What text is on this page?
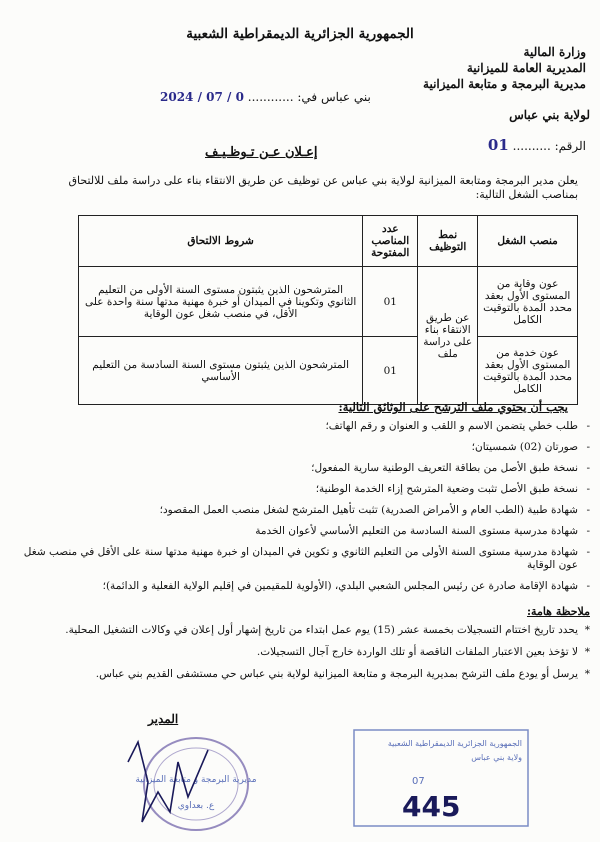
الجمهورية الجزائرية الديمقراطية الشعبية
وزارة المالية
المديرية العامة للميزانية
مديرية البرمجة و متابعة الميزانية
لولاية بني عباس
بني عباس في: ............ 2024 / 07 / 0
الرقم: .......... 01
إعـلان عـن تـوظـيـف
يعلن مدير البرمجة ومتابعة الميزانية لولاية بني عباس عن توظيف عن طريق الانتقاء بناء على دراسة ملف للالتحاق بمناصب الشغل التالية:
منصب الشغل	نمط التوظيف	عدد المناصب المفتوحة	شروط الالتحاق
عون وقاية من المستوى الأول بعقد محدد المدة بالتوقيت الكامل	عن طريق الانتقاء بناء على دراسة ملف	01	المترشحون الذين يثبتون مستوى السنة الأولى من التعليم الثانوي وتكوينا في الميدان أو خبرة مهنية مدتها سنة واحدة على الأقل، في منصب شغل عون الوقاية
عون خدمة من المستوى الأول بعقد محدد المدة بالتوقيت الكامل		01	المترشحون الذين يثبتون مستوى السنة السادسة من التعليم الأساسي
يجب أن يحتوي ملف الترشح على الوثائق التالية:
- طلب خطي يتضمن الاسم و اللقب و العنوان و رقم الهاتف؛
- صورتان (02) شمسيتان؛
- نسخة طبق الأصل من بطاقة التعريف الوطنية سارية المفعول؛
- نسخة طبق الأصل تثبت وضعية المترشح إزاء الخدمة الوطنية؛
- شهادة طبية (الطب العام و الأمراض الصدرية) تثبت تأهيل المترشح لشغل منصب العمل المقصود؛
- شهادة مدرسية مستوى السنة السادسة من التعليم الأساسي لأعوان الخدمة
- شهادة مدرسية مستوى السنة الأولى من التعليم الثانوي و تكوين في الميدان او خبرة مهنية مدتها سنة على الأقل في منصب شغل عون الوقاية
- شهادة الإقامة صادرة عن رئيس المجلس الشعبي البلدي، (الأولوية للمقيمين في إقليم الولاية الفعلية و الدائمة)؛
ملاحظة هامة:
* يحدد تاريخ اختتام التسجيلات بخمسة عشر (15) يوم عمل ابتداء من تاريخ إشهار أول إعلان في وكالات التشغيل المحلية.
* لا تؤخذ بعين الاعتبار الملفات الناقصة أو تلك الواردة خارج آجال التسجيلات.
* يرسل أو يودع ملف الترشح بمديرية البرمجة و متابعة الميزانية لولاية بني عباس حي مستشفى القديم بني عباس.
المدير
مديرية البرمجة و متابعة الميزانية
ع. بعداوي
الجمهورية الجزائرية الديمقراطية الشعبية
ولاية بني عباس
07
445
